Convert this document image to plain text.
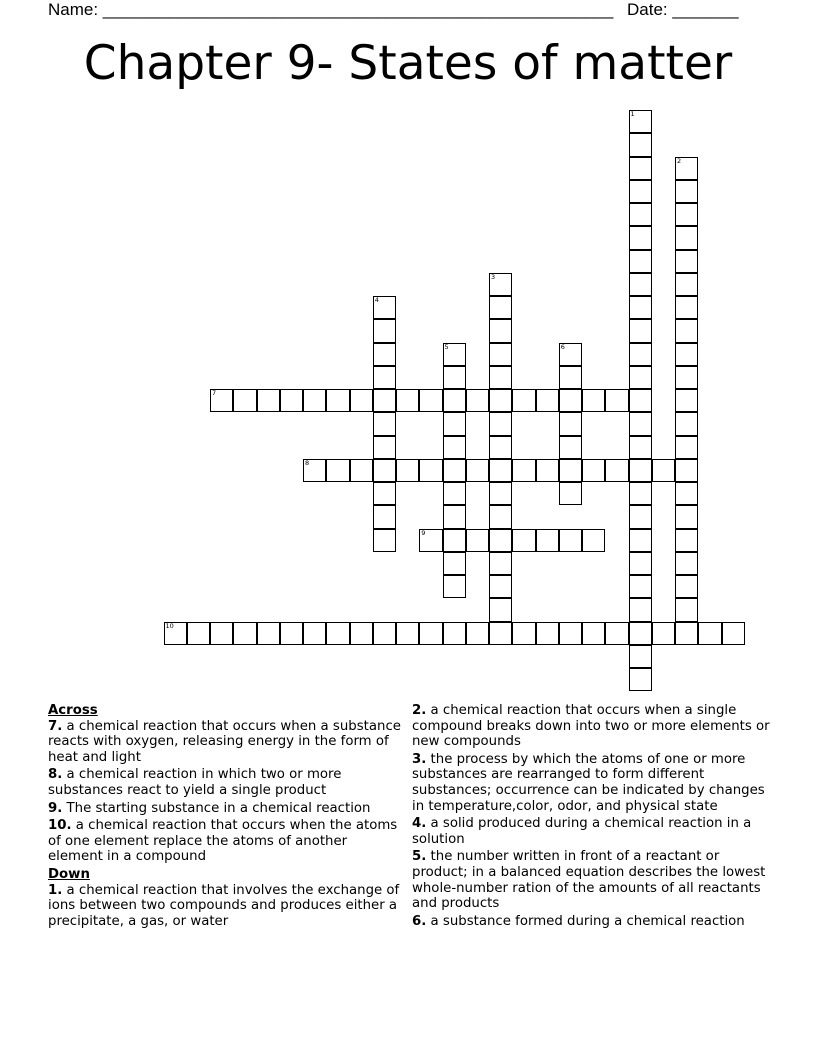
Name: ______________________________________________________ Date: _______
Chapter 9- States of matter
1
2
3
4
5	6
7
8
9
10
Across
7. a chemical reaction that occurs when a substance reacts with oxygen, releasing energy in the form of heat and light
8. a chemical reaction in which two or more substances react to yield a single product
9. The starting substance in a chemical reaction
10. a chemical reaction that occurs when the atoms of one element replace the atoms of another element in a compound
Down
1. a chemical reaction that involves the exchange of ions between two compounds and produces either a precipitate, a gas, or water
2. a chemical reaction that occurs when a single compound breaks down into two or more elements or new compounds
3. the process by which the atoms of one or more substances are rearranged to form different substances; occurrence can be indicated by changes in temperature,color, odor, and physical state
4. a solid produced during a chemical reaction in a solution
5. the number written in front of a reactant or product; in a balanced equation describes the lowest whole-number ration of the amounts of all reactants and products
6. a substance formed during a chemical reaction
